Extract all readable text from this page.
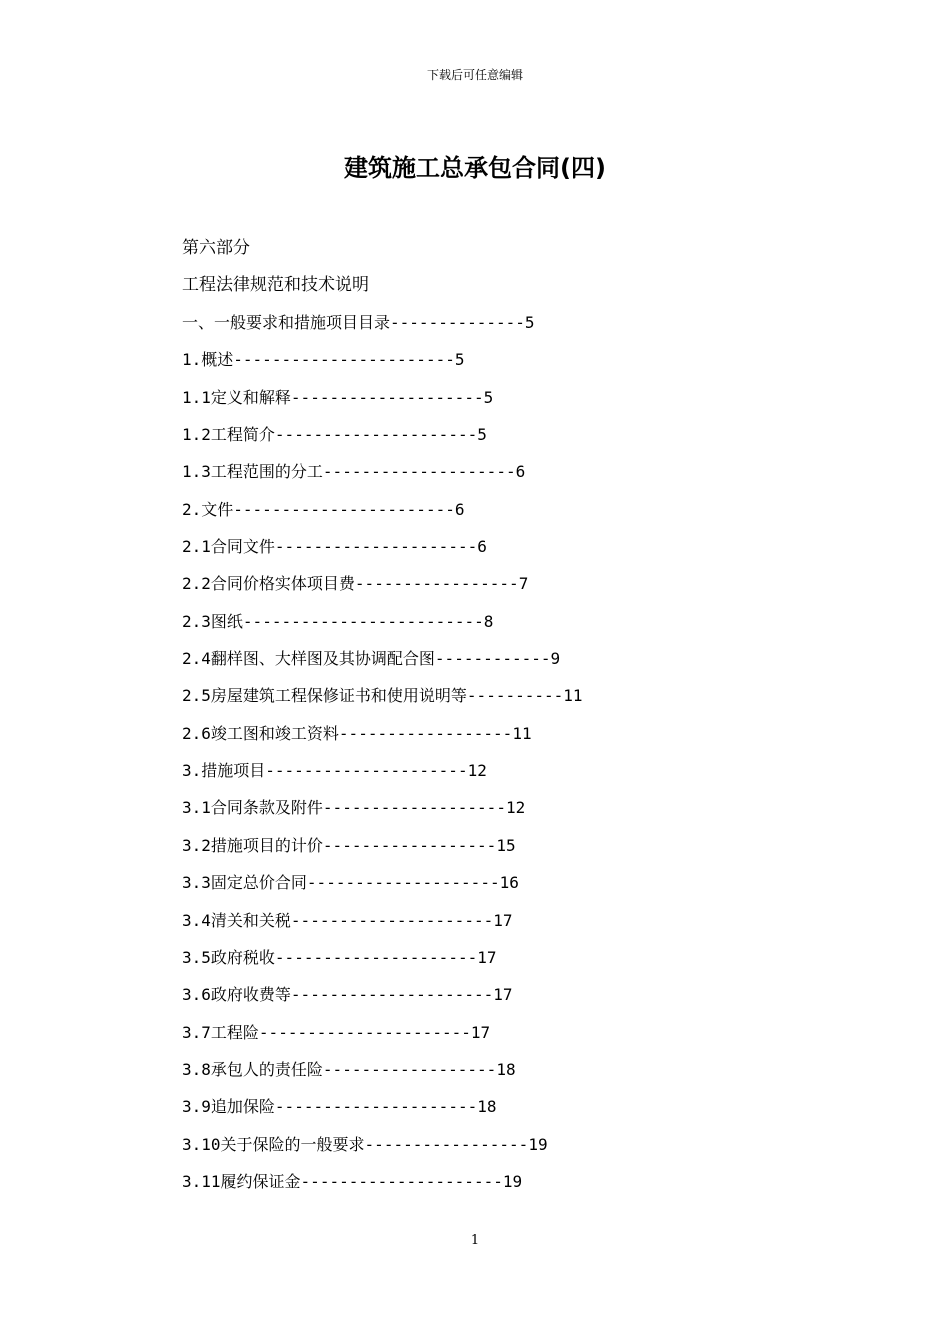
下载后可任意编辑
建筑施工总承包合同(四)
第六部分
工程法律规范和技术说明
一、一般要求和措施项目目录--------------5
1.概述-----------------------5
1.1定义和解释--------------------5
1.2工程简介---------------------5
1.3工程范围的分工--------------------6
2.文件-----------------------6
2.1合同文件---------------------6
2.2合同价格实体项目费-----------------7
2.3图纸-------------------------8
2.4翻样图、大样图及其协调配合图------------9
2.5房屋建筑工程保修证书和使用说明等----------11
2.6竣工图和竣工资料------------------11
3.措施项目---------------------12
3.1合同条款及附件-------------------12
3.2措施项目的计价------------------15
3.3固定总价合同--------------------16
3.4清关和关税---------------------17
3.5政府税收---------------------17
3.6政府收费等---------------------17
3.7工程险----------------------17
3.8承包人的责任险------------------18
3.9追加保险---------------------18
3.10关于保险的一般要求-----------------19
3.11履约保证金---------------------19
1
